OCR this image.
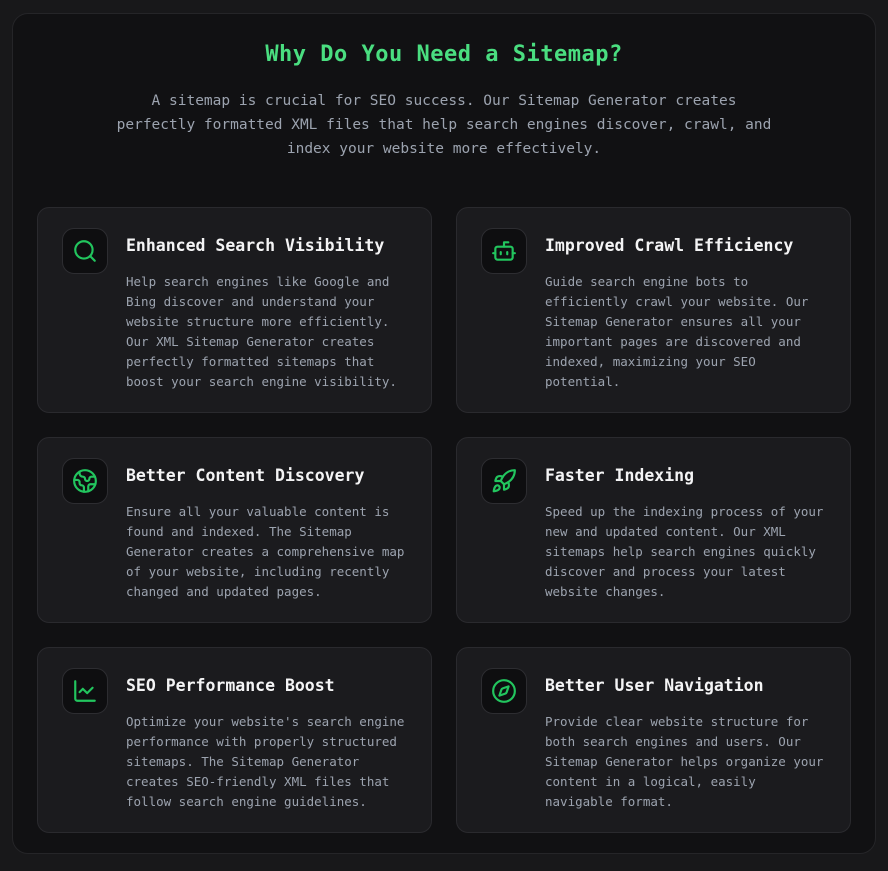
Why Do You Need a Sitemap?

A sitemap is crucial for SEO success. Our Sitemap Generator creates perfectly formatted XML files that help search engines discover, crawl, and index your website more effectively.

Enhanced Search Visibility

Help search engines like Google and Bing discover and understand your website structure more efficiently. Our XML Sitemap Generator creates perfectly formatted sitemaps that boost your search engine visibility.

Improved Crawl Efficiency

Guide search engine bots to efficiently crawl your website. Our Sitemap Generator ensures all your important pages are discovered and indexed, maximizing your SEO potential.

Better Content Discovery

Ensure all your valuable content is found and indexed. The Sitemap Generator creates a comprehensive map of your website, including recently changed and updated pages.

Faster Indexing

Speed up the indexing process of your new and updated content. Our XML sitemaps help search engines quickly discover and process your latest website changes.

SEO Performance Boost

Optimize your website's search engine performance with properly structured sitemaps. The Sitemap Generator creates SEO-friendly XML files that follow search engine guidelines.

Better User Navigation

Provide clear website structure for both search engines and users. Our Sitemap Generator helps organize your content in a logical, easily navigable format.
